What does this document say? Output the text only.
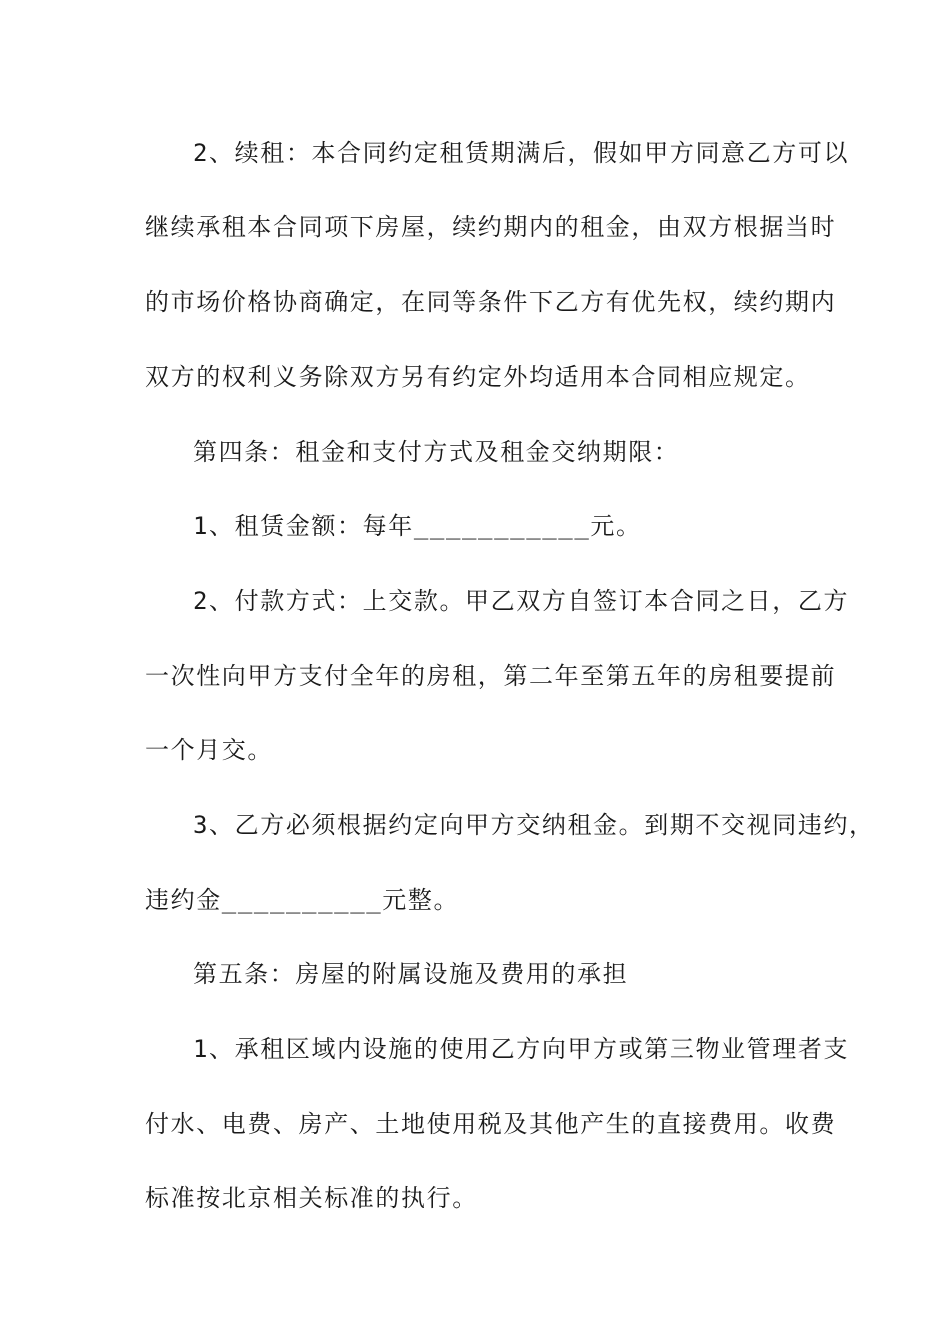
2、续租：本合同约定租赁期满后，假如甲方同意乙方可以
继续承租本合同项下房屋，续约期内的租金，由双方根据当时
的市场价格协商确定，在同等条件下乙方有优先权，续约期内
双方的权利义务除双方另有约定外均适用本合同相应规定。
第四条：租金和支付方式及租金交纳期限：
1、租赁金额：每年___________元。
2、付款方式：上交款。甲乙双方自签订本合同之日，乙方
一次性向甲方支付全年的房租，第二年至第五年的房租要提前
一个月交。
3、乙方必须根据约定向甲方交纳租金。到期不交视同违约，
违约金__________元整。
第五条：房屋的附属设施及费用的承担
1、承租区域内设施的使用乙方向甲方或第三物业管理者支
付水、电费、房产、土地使用税及其他产生的直接费用。收费
标准按北京相关标准的执行。
